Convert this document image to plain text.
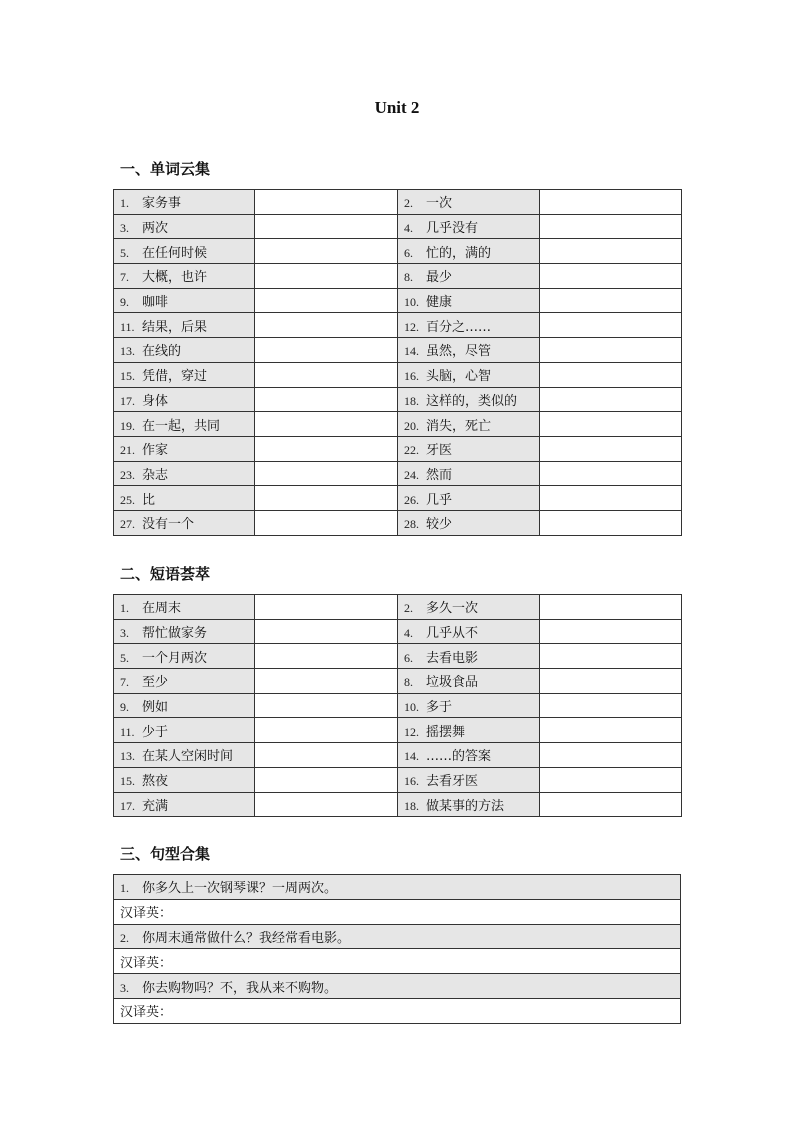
Unit 2
一、单词云集
1. 家务事		2. 一次	
3. 两次		4. 几乎没有	
5. 在任何时候		6. 忙的，满的	
7. 大概，也许		8. 最少	
9. 咖啡		10. 健康	
11. 结果，后果		12. 百分之……	
13. 在线的		14. 虽然，尽管	
15. 凭借，穿过		16. 头脑，心智	
17. 身体		18. 这样的，类似的	
19. 在一起，共同		20. 消失，死亡	
21. 作家		22. 牙医	
23. 杂志		24. 然而	
25. 比		26. 几乎	
27. 没有一个		28. 较少	
二、短语荟萃
1. 在周末		2. 多久一次	
3. 帮忙做家务		4. 几乎从不	
5. 一个月两次		6. 去看电影	
7. 至少		8. 垃圾食品	
9. 例如		10. 多于	
11. 少于		12. 摇摆舞	
13. 在某人空闲时间		14. ……的答案	
15. 熬夜		16. 去看牙医	
17. 充满		18. 做某事的方法	
三、句型合集
1. 你多久上一次钢琴课？一周两次。
汉译英：
2. 你周末通常做什么？我经常看电影。
汉译英：
3. 你去购物吗？不，我从来不购物。
汉译英：
